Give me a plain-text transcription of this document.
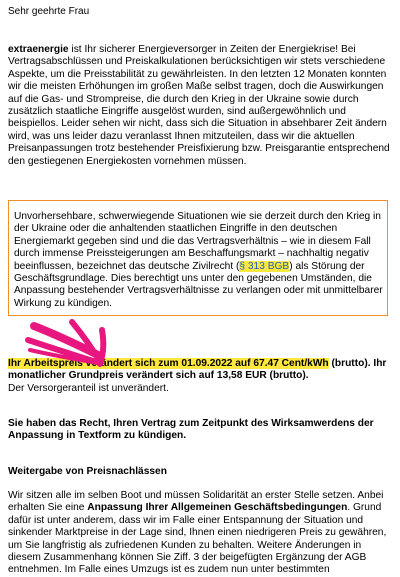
Sehr geehrte Frau

extraenergie ist Ihr sicherer Energieversorger in Zeiten der Energiekrise! Bei Vertragsabschlüssen und Preiskalkulationen berücksichtigen wir stets verschiedene Aspekte, um die Preisstabilität zu gewährleisten. In den letzten 12 Monaten konnten wir die meisten Erhöhungen im großen Maße selbst tragen, doch die Auswirkungen auf die Gas- und Strompreise, die durch den Krieg in der Ukraine sowie durch zusätzlich staatliche Eingriffe ausgelöst wurden, sind außergewöhnlich und beispiellos. Leider sehen wir nicht, dass sich die Situation in absehbarer Zeit ändern wird, was uns leider dazu veranlasst Ihnen mitzuteilen, dass wir die aktuellen Preisanpassungen trotz bestehender Preisfixierung bzw. Preisgarantie entsprechend den gestiegenen Energiekosten vornehmen müssen.

Unvorhersehbare, schwerwiegende Situationen wie sie derzeit durch den Krieg in der Ukraine oder die anhaltenden staatlichen Eingriffe in den deutschen Energiemarkt gegeben sind und die das Vertragsverhältnis – wie in diesem Fall durch immense Preissteigerungen am Beschaffungsmarkt – nachhaltig negativ beeinflussen, bezeichnet das deutsche Zivilrecht (§ 313 BGB) als Störung der Geschäftsgrundlage. Dies berechtigt uns unter den gegebenen Umständen, die Anpassung bestehender Vertragsverhältnisse zu verlangen oder mit unmittelbarer Wirkung zu kündigen.

Ihr Arbeitspreis verändert sich zum 01.09.2022 auf 67.47 Cent/kWh (brutto). Ihr monatlicher Grundpreis verändert sich auf 13,58 EUR (brutto).
Der Versorgeranteil ist unverändert.
Sie haben das Recht, Ihren Vertrag zum Zeitpunkt des Wirksamwerdens der Anpassung in Textform zu kündigen.
Weitergabe von Preisnachlässen

Wir sitzen alle im selben Boot und müssen Solidarität an erster Stelle setzen. Anbei erhalten Sie eine Anpassung Ihrer Allgemeinen Geschäftsbedingungen. Grund dafür ist unter anderem, dass wir im Falle einer Entspannung der Situation und sinkender Marktpreise in der Lage sind, Ihnen einen niedrigeren Preis zu gewähren, um Sie langfristig als zufriedenen Kunden zu behalten. Weitere Änderungen in diesem Zusammenhang können Sie Ziff. 3 der beigefügten Ergänzung der AGB entnehmen. Im Falle eines Umzugs ist es zudem nun unter bestimmten
